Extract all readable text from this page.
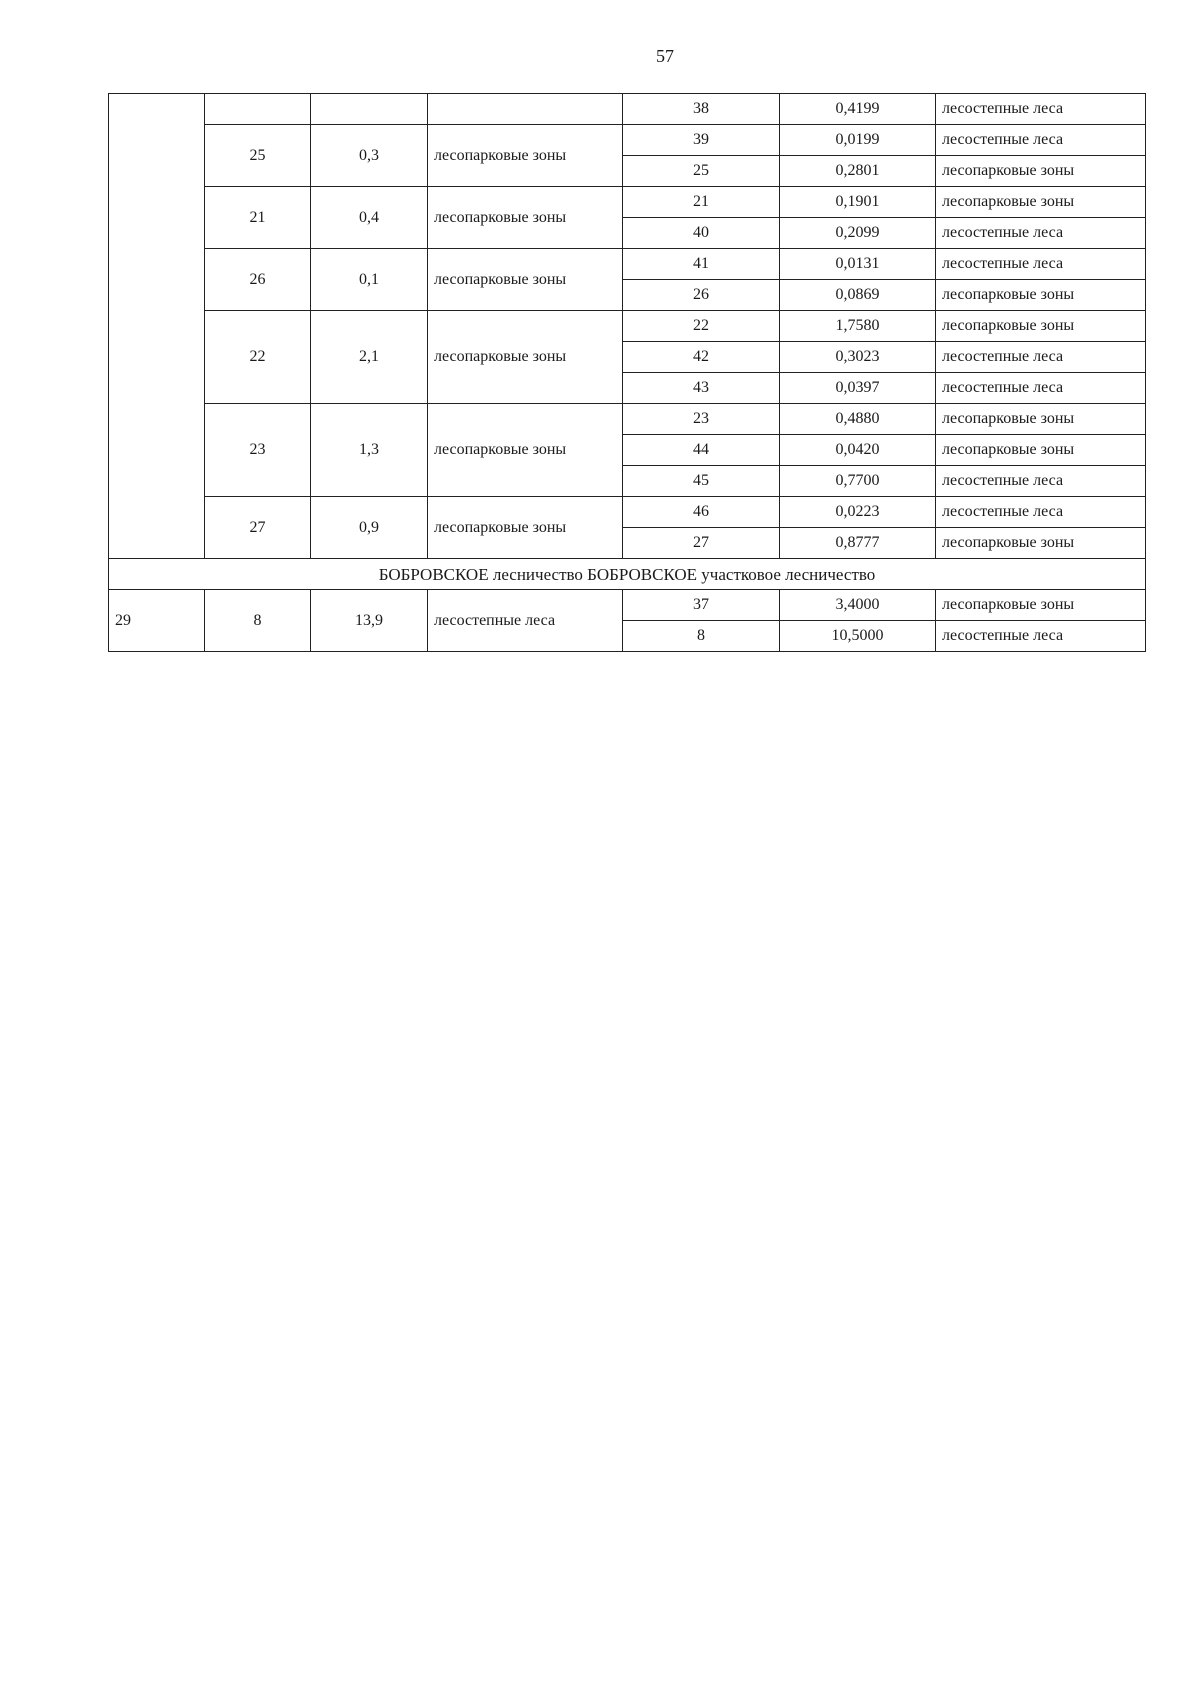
57
				38	0,4199	лесостепные леса
	25	0,3	лесопарковые зоны	39	0,0199	лесостепные леса
				25	0,2801	лесопарковые зоны
	21	0,4	лесопарковые зоны	21	0,1901	лесопарковые зоны
				40	0,2099	лесостепные леса
	26	0,1	лесопарковые зоны	41	0,0131	лесостепные леса
				26	0,0869	лесопарковые зоны
	22	2,1	лесопарковые зоны	22	1,7580	лесопарковые зоны
				42	0,3023	лесостепные леса
				43	0,0397	лесостепные леса
	23	1,3	лесопарковые зоны	23	0,4880	лесопарковые зоны
				44	0,0420	лесопарковые зоны
				45	0,7700	лесостепные леса
	27	0,9	лесопарковые зоны	46	0,0223	лесостепные леса
				27	0,8777	лесопарковые зоны
БОБРОВСКОЕ лесничество БОБРОВСКОЕ участковое лесничество						
29	8	13,9	лесостепные леса	37	3,4000	лесопарковые зоны
				8	10,5000	лесостепные леса
